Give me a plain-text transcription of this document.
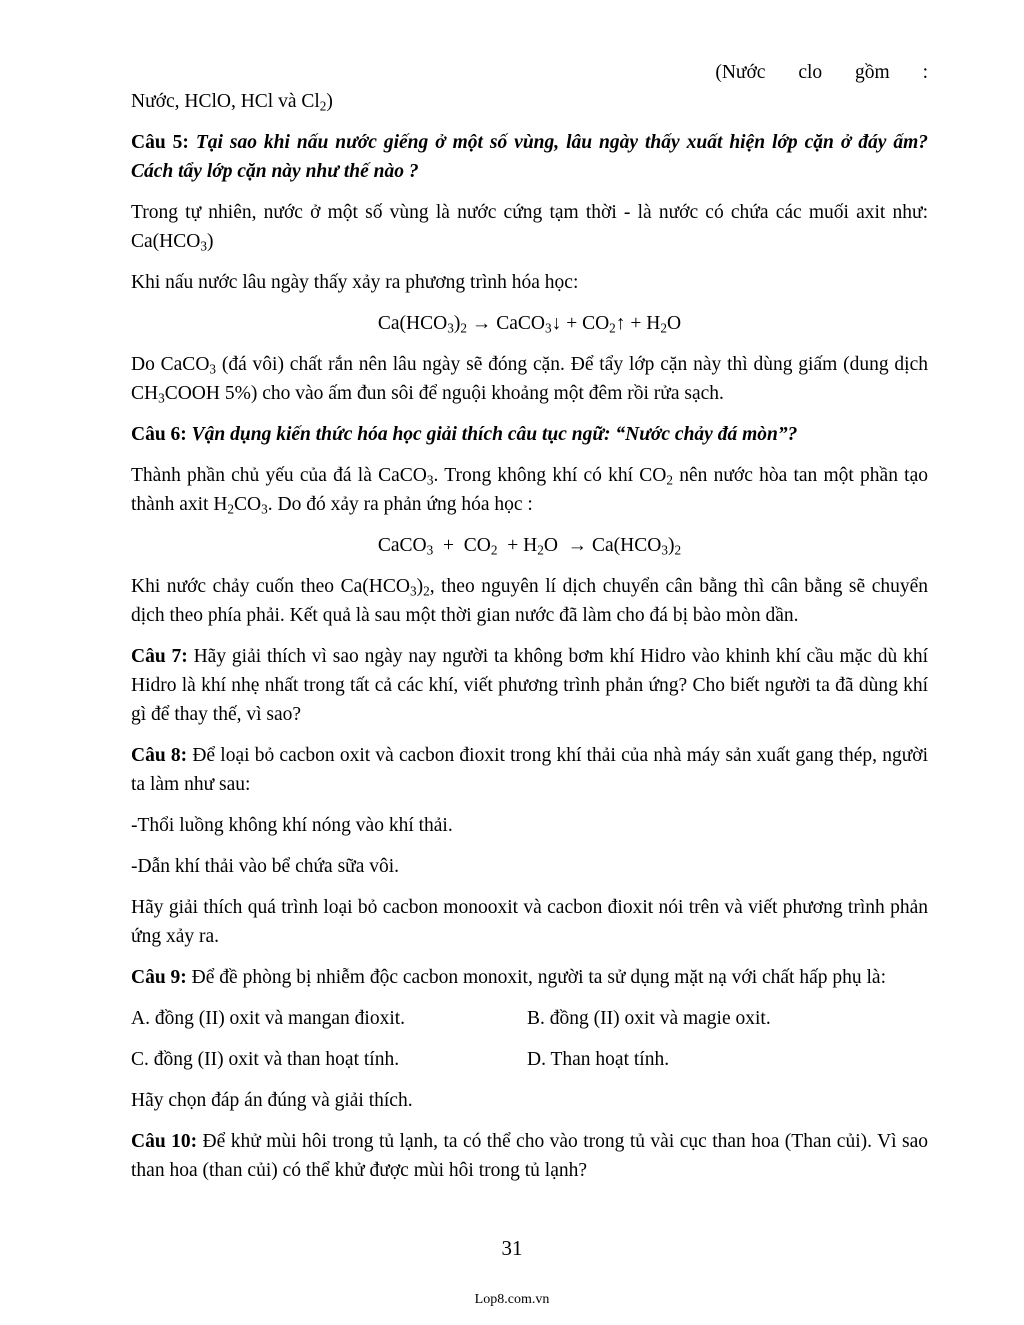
(Nước clo gồm :

Nước, HClO, HCl và $Cl_2$)

Câu 5: Tại sao khi nấu nước giếng ở một số vùng, lâu ngày thấy xuất hiện lớp cặn ở đáy ấm? Cách tẩy lớp cặn này như thế nào ?

Trong tự nhiên, nước ở một số vùng là nước cứng tạm thời - là nước có chứa các muối axit như: $Ca(HCO_3)$

Khi nấu nước lâu ngày thấy xảy ra phương trình hóa học:

$Ca(HCO_3)_2$ → CaCO$_3$↓ + $CO_2↑ + H_2O$

Do CaCO$_3$ (đá vôi) chất rắn nên lâu ngày sẽ đóng cặn. Để tẩy lớp cặn này thì dùng giấm (dung dịch $CH_3COOH$ 5%) cho vào ấm đun sôi để nguội khoảng một đêm rồi rửa sạch.

Câu 6: Vận dụng kiến thức hóa học giải thích câu tục ngữ: “Nước chảy đá mòn”?

Thành phần chủ yếu của đá là CaCO$_3$. Trong không khí có khí $CO_2$ nên nước hòa tan một phần tạo thành axit $H_2CO_3$. Do đó xảy ra phản ứng hóa học :

CaCO$_3$  +  $CO_2 + H_2O \to Ca(HCO_3)_2$

Khi nước chảy cuốn theo $Ca(HCO_3)_2$, theo nguyên lí dịch chuyển cân bằng thì cân bằng sẽ chuyển dịch theo phía phải. Kết quả là sau một thời gian nước đã làm cho đá bị bào mòn dần.

Câu 7: Hãy giải thích vì sao ngày nay người ta không bơm khí Hidro vào khinh khí cầu mặc dù khí Hidro là khí nhẹ nhất trong tất cả các khí, viết phương trình phản ứng? Cho biết người ta đã dùng khí gì để thay thế, vì sao?

Câu 8: Để loại bỏ cacbon oxit và cacbon đioxit trong khí thải của nhà máy sản xuất gang thép, người ta làm như sau:

-Thổi luồng không khí nóng vào khí thải.

-Dẫn khí thải vào bể chứa sữa vôi.

Hãy giải thích quá trình loại bỏ cacbon monooxit và cacbon đioxit nói trên và viết phương trình phản ứng xảy ra.

Câu 9: Để đề phòng bị nhiễm độc cacbon monoxit, người ta sử dụng mặt nạ với chất hấp phụ là:

A. đồng (II) oxit và mangan đioxit.	B. đồng (II) oxit và magie oxit.
C. đồng (II) oxit và than hoạt tính.	D. Than hoạt tính.

Hãy chọn đáp án đúng và giải thích.

Câu 10: Để khử mùi hôi trong tủ lạnh, ta có thể cho vào trong tủ vài cục than hoa (Than củi). Vì sao than hoa (than củi) có thể khử được mùi hôi trong tủ lạnh?

31
Lop8.com.vn
